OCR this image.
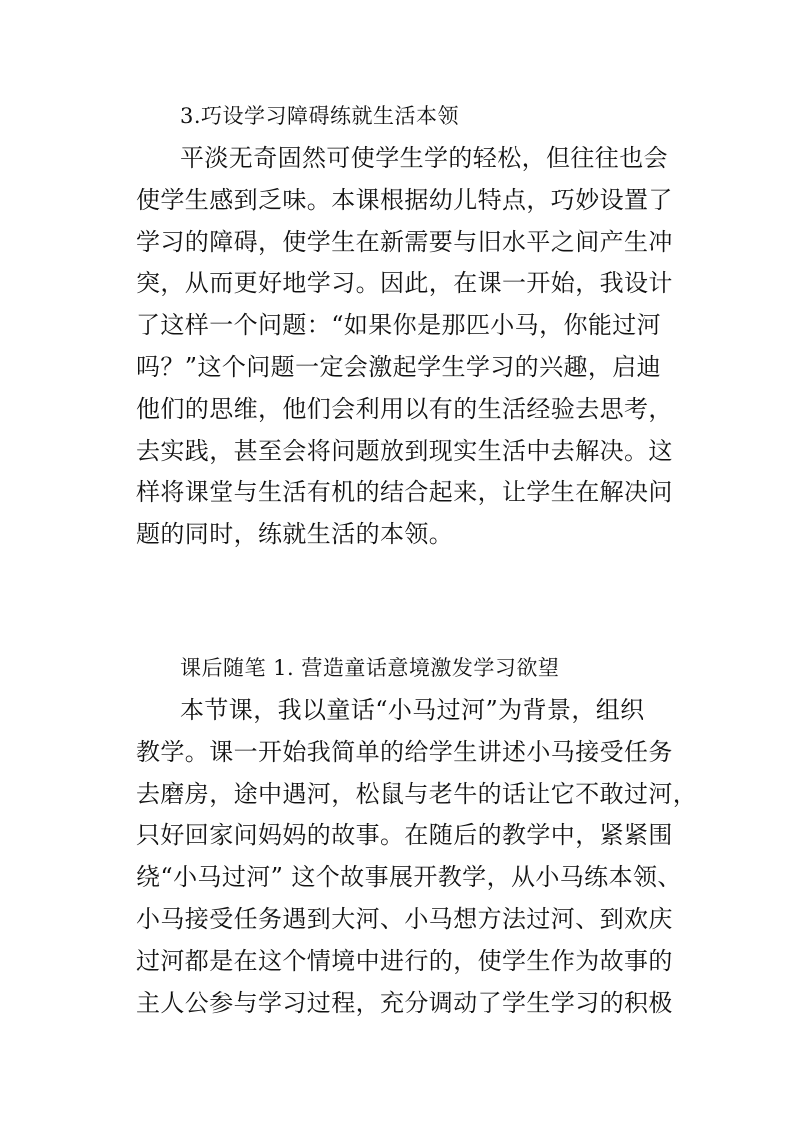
3.巧设学习障碍练就生活本领
平淡无奇固然可使学生学的轻松，但往往也会
使学生感到乏味。本课根据幼儿特点，巧妙设置了
学习的障碍，使学生在新需要与旧水平之间产生冲
突，从而更好地学习。因此，在课一开始，我设计
了这样一个问题：“如果你是那匹小马，你能过河
吗？”这个问题一定会激起学生学习的兴趣，启迪
他们的思维，他们会利用以有的生活经验去思考，
去实践，甚至会将问题放到现实生活中去解决。这
样将课堂与生活有机的结合起来，让学生在解决问
题的同时，练就生活的本领。
课后随笔 1. 营造童话意境激发学习欲望
本节课，我以童话“小马过河”为背景，组织
教学。课一开始我简单的给学生讲述小马接受任务
去磨房，途中遇河，松鼠与老牛的话让它不敢过河，
只好回家问妈妈的故事。在随后的教学中，紧紧围
绕“小马过河” 这个故事展开教学，从小马练本领、
小马接受任务遇到大河、小马想方法过河、到欢庆
过河都是在这个情境中进行的，使学生作为故事的
主人公参与学习过程，充分调动了学生学习的积极
